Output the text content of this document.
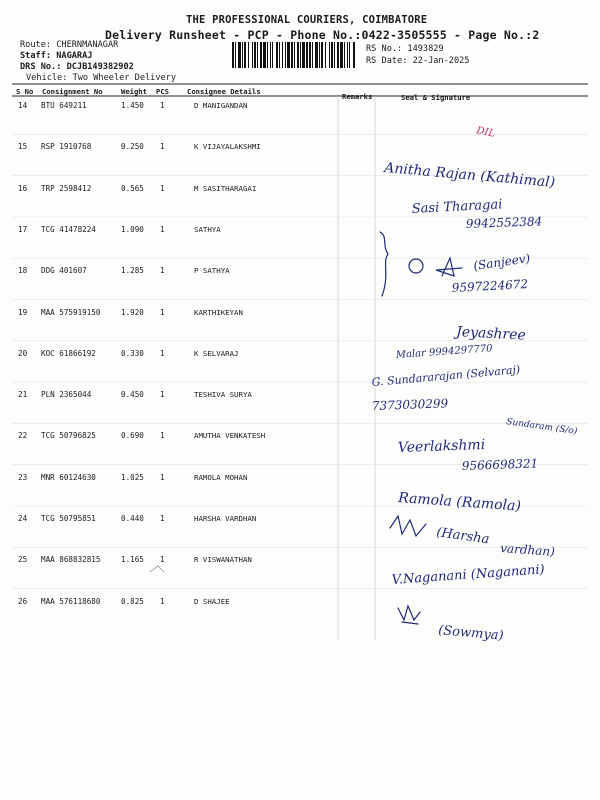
THE PROFESSIONAL COURIERS, COIMBATORE
Delivery Runsheet - PCP - Phone No.:0422-3505555 - Page No.:2
Route: CHERNMANAGAR
Staff: NAGARAJ
DRS No.: DCJB149382902
Vehicle: Two Wheeler Delivery
RS No.: 1493829
RS Date: 22-Jan-2025
S No Consignment No	Weight PCS	Consignee Details
Remarks	Seal & Signature
14 BTU 649211	1.450 1	D MANIGANDAN
15 RSP 1910768	0.250 1	K VIJAYALAKSHMI
16 TRP 2598412	0.565 1	M SASITHARAGAI
17 TCG 41478224	1.090 1	SATHYA
18 DDG 401607	1.285 1	P SATHYA
19 MAA 575919150	1.920 1	KARTHIKEYAN
20 KOC 61866192	0.330 1	K SELVARAJ
21 PLN 2365044	0.450 1	TESHIVA SURYA
22 TCG 50796825	0.690 1	AMUTHA VENKATESH
23 MNR 60124630	1.025 1	RAMOLA MOHAN
24 TCG 50795851	0.440 1	HARSHA VARDHAN
25 MAA 868832815	1.165 1	R VISWANATHAN
26 MAA 576118680	0.825 1	D SHAJEE
DIL
Anitha Rajan (Kathimal)
Sasi Tharagai
9942552384
(Sanjeev)
9597224672
Jeyashree
Malar 9994297770
G. Sundararajan (Selvaraj)
7373030299
Sundaram (S/o)
Veerlakshmi
9566698321
Ramola (Ramola)
(Harsha
vardhan)
V.Naganani (Naganani)
(Sowmya)
